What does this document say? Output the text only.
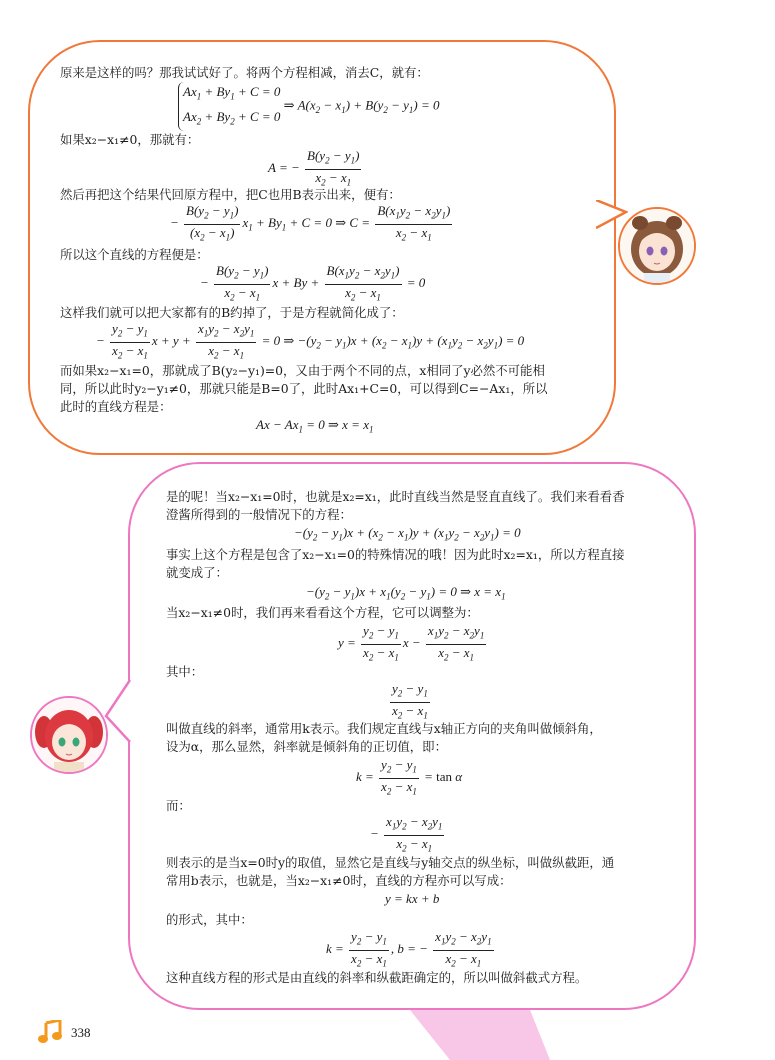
原来是这样的吗？那我试试好了。将两个方程相减，消去C，就有：
$Ax_1 + By_1 + C = 0$
$Ax_2 + By_2 + C = 0$ ⇒ $A(x_2 - x_1) + B(y_2 - y_1) = 0$
如果x₂−x₁≠0，那就有：
A = − $\frac{B(y_2 - y_1)}{x_2 - x_1}$
然后再把这个结果代回原方程中，把C也用B表示出来，便有：
− $\frac{B(y_2 - y_1)}{(x_2 - x_1)} x_1 + By_1 + C = 0$ ⇒ $C = \frac{B(x_1y_2 - x_2y_1)}{x_2 - x_1}$
所以这个直线的方程便是：
− $\frac{B(y_2 - y_1)}{x_2 - x_1}$ $x + By + \frac{B(x_1y_2 - x_2y_1)}{x_2 - x_1} = 0$
这样我们就可以把大家都有的B约掉了，于是方程就简化成了：
− $\frac{y_2 - y_1}{x_2 - x_1}$ $x + y + \frac{x_1y_2 - x_2y_1}{x_2 - x_1} = 0$ ⇒ $-(y_2 - y_1)x + (x_2 - x_1)y + (x_1y_2 - x_2y_1) = 0$
而如果x₂−x₁=0，那就成了B(y₂−y₁)=0，又由于两个不同的点，x相同了y必然不可能相
同，所以此时y₂−y₁≠0，那就只能是B=0了，此时Ax₁+C=0，可以得到C=−Ax₁，所以
此时的直线方程是：
$Ax - Ax_1 = 0$ ⇒ $x = x_1$
是的呢！当x₂−x₁=0时，也就是x₂=x₁，此时直线当然是竖直直线了。我们来看看香
澄酱所得到的一般情况下的方程：
$-(y_2 - y_1)x + (x_2 - x_1)y + (x_1y_2 - x_2y_1) = 0$
事实上这个方程是包含了x₂−x₁=0的特殊情况的哦！因为此时x₂=x₁，所以方程直接
就变成了：
$-(y_2 - y_1)x + x_1(y_2 - y_1) = 0$ ⇒ $x = x_1$
当x₂−x₁≠0时，我们再来看看这个方程，它可以调整为：
$y = \frac{y_2 - y_1}{x_2 - x_1}$ $x - \frac{x_1y_2 - x_2y_1}{x_2 - x_1}$
其中：
$\frac{y_2 - y_1}{x_2 - x_1}$
叫做直线的斜率，通常用k表示。我们规定直线与x轴正方向的夹角叫做倾斜角，
设为α，那么显然，斜率就是倾斜角的正切值，即：
$k = \frac{y_2 - y_1}{x_2 - x_1} = \tan \alpha$
而：
− $\frac{x_1y_2 - x_2y_1}{x_2 - x_1}$
则表示的是当x=0时y的取值，显然它是直线与y轴交点的纵坐标，叫做纵截距，通
常用b表示，也就是，当x₂−x₁≠0时，直线的方程亦可以写成：
y = kx + b
的形式，其中：
$k = \frac{y_2 - y_1}{x_2 - x_1}$ , b = − $\frac{x_1y_2 - x_2y_1}{x_2 - x_1}$
这种直线方程的形式是由直线的斜率和纵截距确定的，所以叫做斜截式方程。
338
